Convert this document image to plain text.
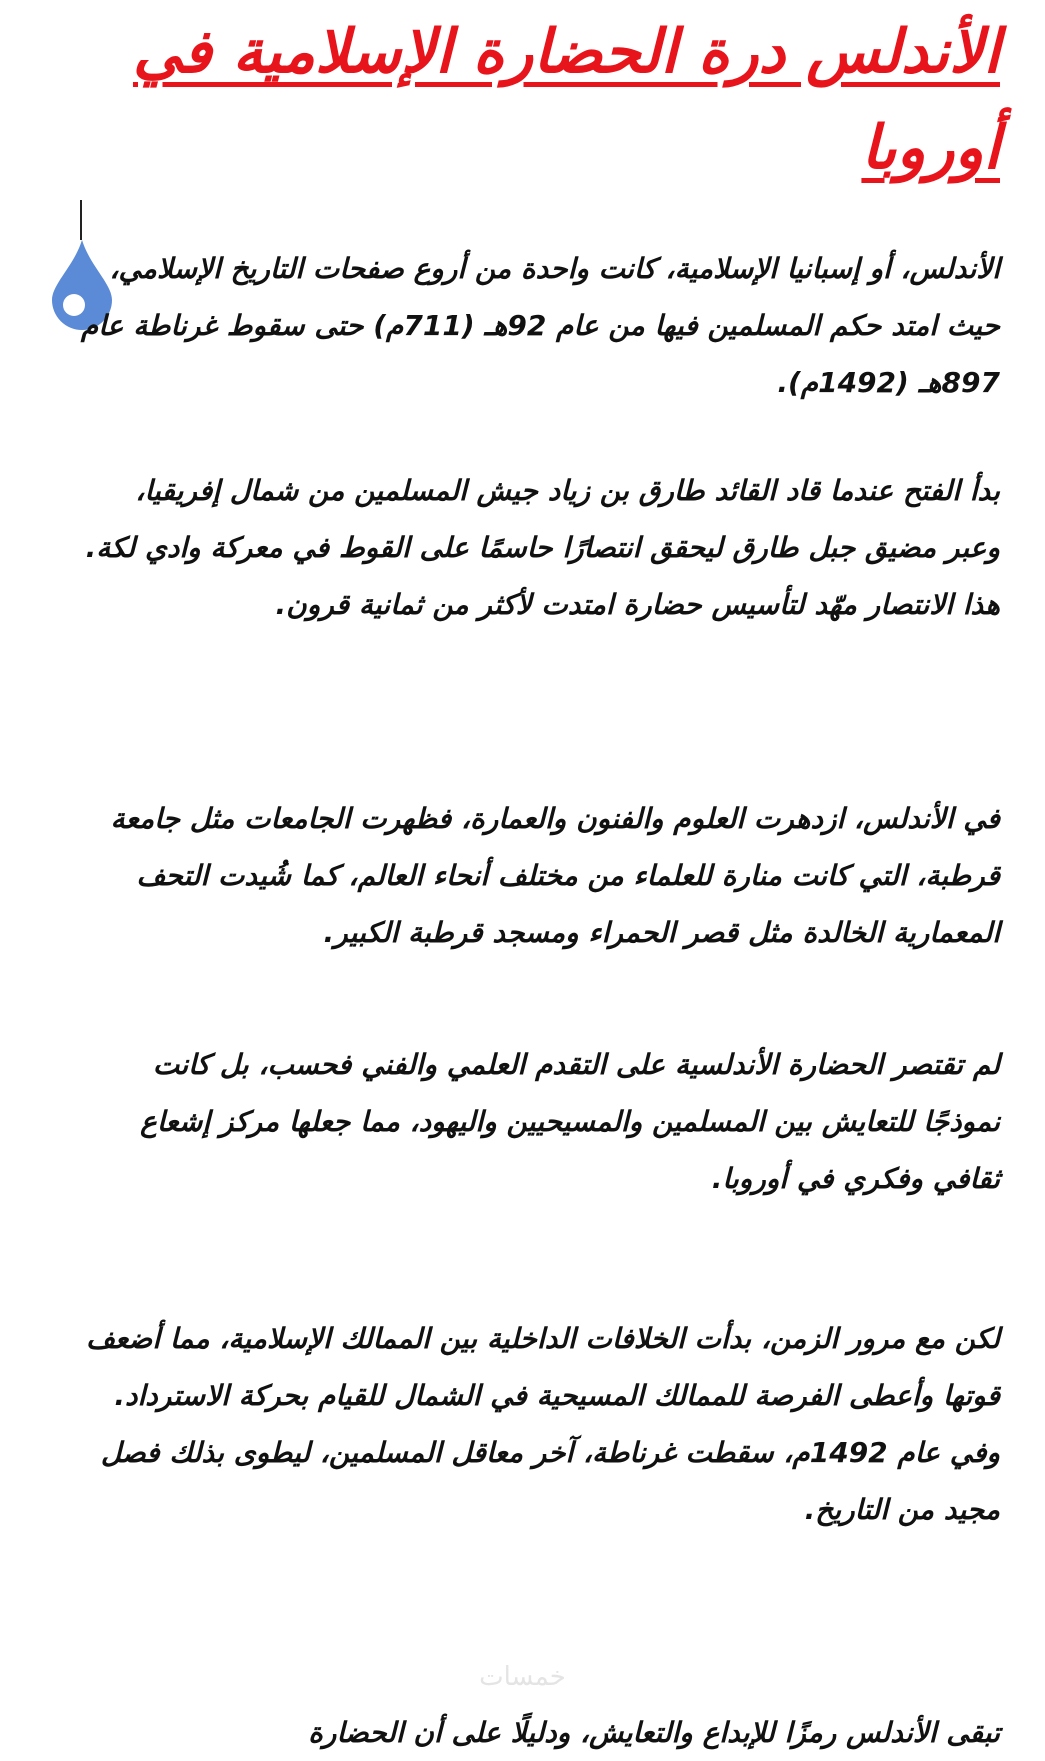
الأندلس درة الحضارة الإسلامية في أوروبا

الأندلس، أو إسبانيا الإسلامية، كانت واحدة من أروع صفحات التاريخ الإسلامي، حيث امتد حكم المسلمين فيها من عام 92هـ (711م) حتى سقوط غرناطة عام 897هـ (1492م).

بدأ الفتح عندما قاد القائد طارق بن زياد جيش المسلمين من شمال إفريقيا، وعبر مضيق جبل طارق ليحقق انتصارًا حاسمًا على القوط في معركة وادي لكة. هذا الانتصار مهّد لتأسيس حضارة امتدت لأكثر من ثمانية قرون.

في الأندلس، ازدهرت العلوم والفنون والعمارة، فظهرت الجامعات مثل جامعة قرطبة، التي كانت منارة للعلماء من مختلف أنحاء العالم، كما شُيدت التحف المعمارية الخالدة مثل قصر الحمراء ومسجد قرطبة الكبير.

لم تقتصر الحضارة الأندلسية على التقدم العلمي والفني فحسب، بل كانت نموذجًا للتعايش بين المسلمين والمسيحيين واليهود، مما جعلها مركز إشعاع ثقافي وفكري في أوروبا.

لكن مع مرور الزمن، بدأت الخلافات الداخلية بين الممالك الإسلامية، مما أضعف قوتها وأعطى الفرصة للممالك المسيحية في الشمال للقيام بحركة الاسترداد. وفي عام 1492م، سقطت غرناطة، آخر معاقل المسلمين، ليطوى بذلك فصل مجيد من التاريخ.

خمسات
تبقى الأندلس رمزًا للإبداع والتعايش، ودليلًا على أن الحضارة
